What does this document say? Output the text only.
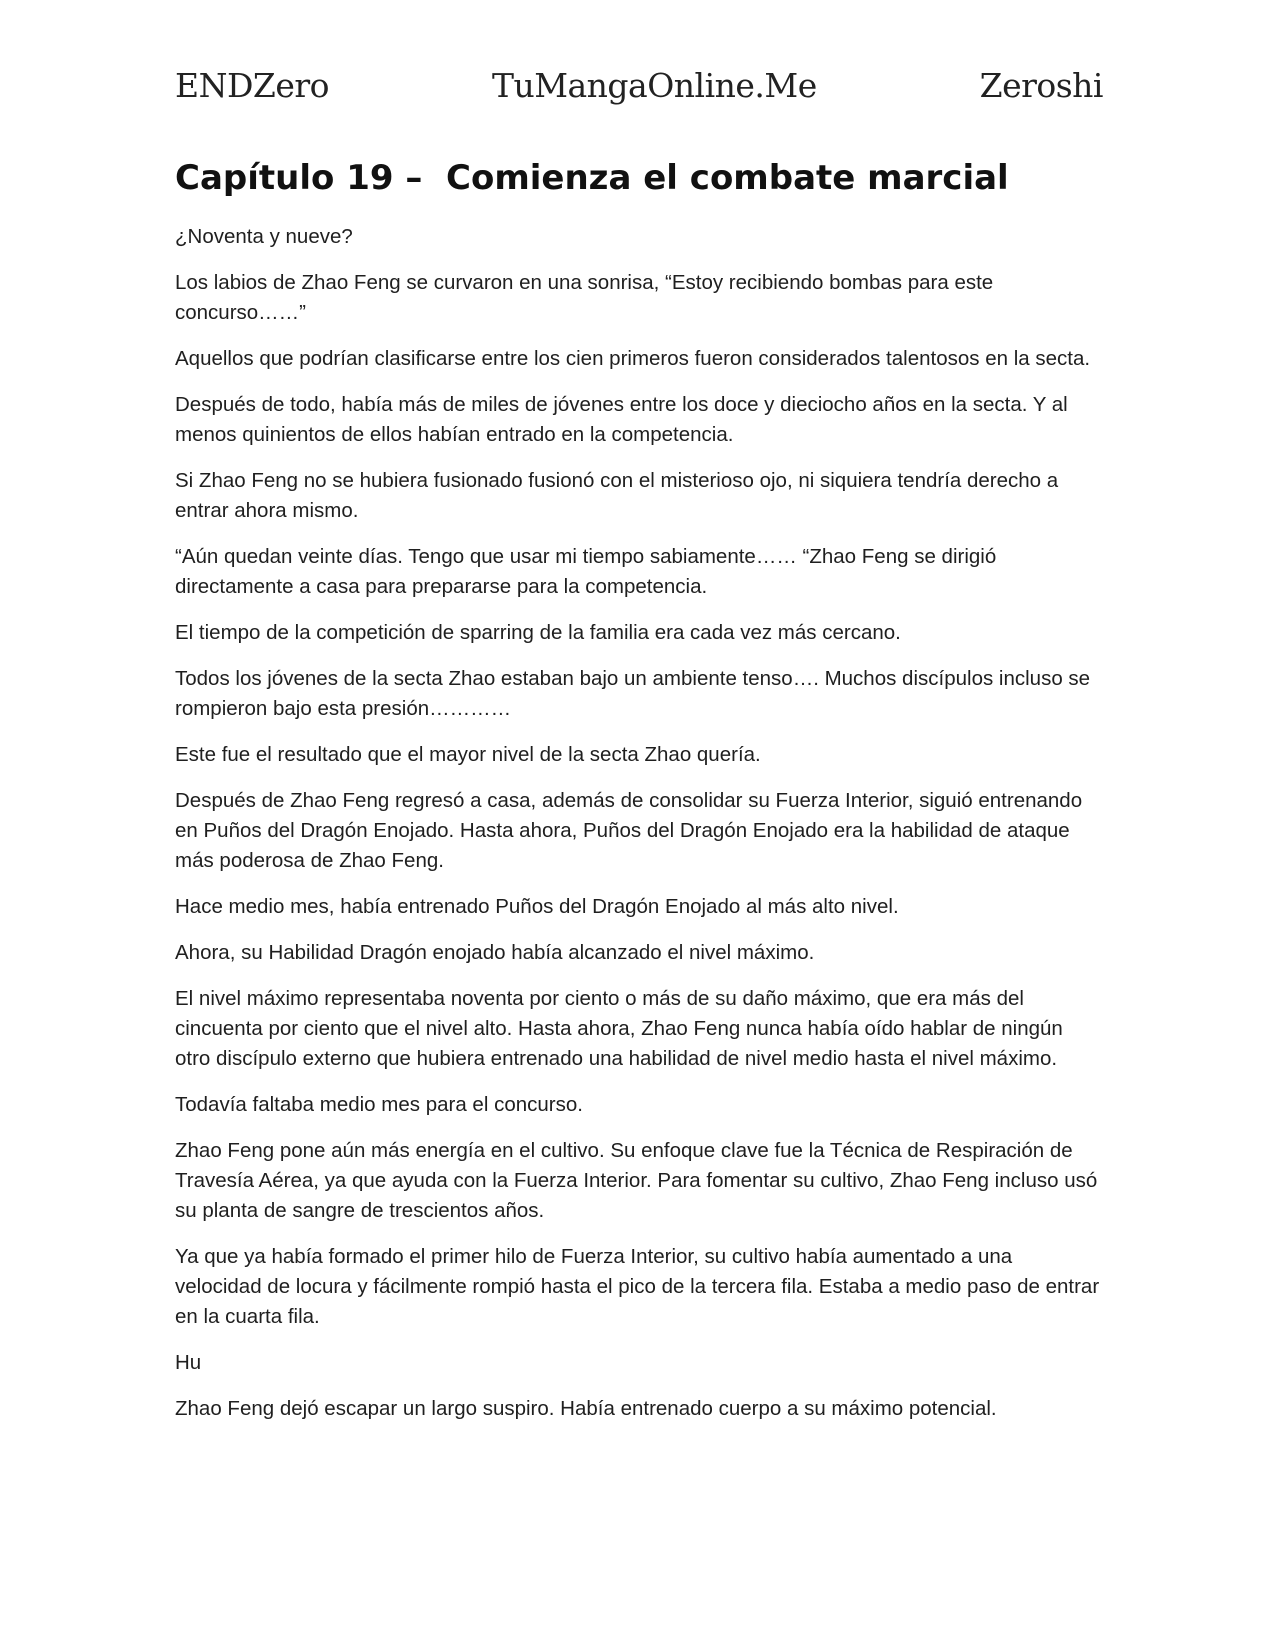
ENDZero	TuMangaOnline.Me	Zeroshi
Capítulo 19 –  Comienza el combate marcial

¿Noventa y nueve?

Los labios de Zhao Feng se curvaron en una sonrisa, “Estoy recibiendo bombas para este concurso……”

Aquellos que podrían clasificarse entre los cien primeros fueron considerados talentosos en la secta.

Después de todo, había más de miles de jóvenes entre los doce y dieciocho años en la secta. Y al menos quinientos de ellos habían entrado en la competencia.

Si Zhao Feng no se hubiera fusionado fusionó con el misterioso ojo, ni siquiera tendría derecho a entrar ahora mismo.

“Aún quedan veinte días. Tengo que usar mi tiempo sabiamente…… “Zhao Feng se dirigió directamente a casa para prepararse para la competencia.

El tiempo de la competición de sparring de la familia era cada vez más cercano.

Todos los jóvenes de la secta Zhao estaban bajo un ambiente tenso…. Muchos discípulos incluso se rompieron bajo esta presión…………

Este fue el resultado que el mayor nivel de la secta Zhao quería.

Después de Zhao Feng regresó a casa, además de consolidar su Fuerza Interior, siguió entrenando en Puños del Dragón Enojado. Hasta ahora, Puños del Dragón Enojado era la habilidad de ataque más poderosa de Zhao Feng.

Hace medio mes, había entrenado Puños del Dragón Enojado al más alto nivel.

Ahora, su Habilidad Dragón enojado había alcanzado el nivel máximo.

El nivel máximo representaba noventa por ciento o más de su daño máximo, que era más del cincuenta por ciento que el nivel alto. Hasta ahora, Zhao Feng nunca había oído hablar de ningún otro discípulo externo que hubiera entrenado una habilidad de nivel medio hasta el nivel máximo.

Todavía faltaba medio mes para el concurso.

Zhao Feng pone aún más energía en el cultivo. Su enfoque clave fue la Técnica de Respiración de Travesía Aérea, ya que ayuda con la Fuerza Interior. Para fomentar su cultivo, Zhao Feng incluso usó su planta de sangre de trescientos años.

Ya que ya había formado el primer hilo de Fuerza Interior, su cultivo había aumentado a una velocidad de locura y fácilmente rompió hasta el pico de la tercera fila. Estaba a medio paso de entrar en la cuarta fila.

Hu

Zhao Feng dejó escapar un largo suspiro. Había entrenado cuerpo a su máximo potencial.
